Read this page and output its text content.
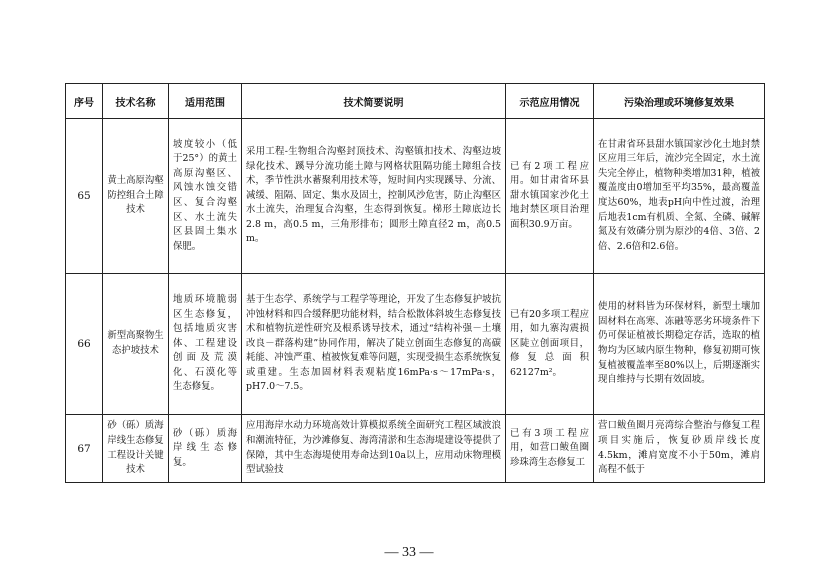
序号	技术名称	适用范围	技术简要说明	示范应用情况	污染治理或环境修复效果
65	黄土高原沟壑防控组合土障技术	坡度较小（低于25°）的黄土高原沟壑区、风蚀水蚀交错区、复合沟壑区、水土流失区县固土集水保肥。	采用工程-生物组合沟壑封顶技术、沟壑镇扣技术、沟壑边坡绿化技术、蹊导分流功能土障与网格状阻隔功能土障组合技术，季节性洪水蓄聚利用技术等，短时间内实现蹊导、分流、减缓、阻隔、固定、集水及固土，控制风沙危害，防止沟壑区水土流失，治理复合沟壑，生态得到恢复。梯形土障底边长2.8 m，高0.5 m，三角形排布；圆形土障直径2 m，高0.5 m。	已有2项工程应用。如甘肃省环县甜水镇国家沙化土地封禁区项目治理面积30.9万亩。	在甘肃省环县甜水镇国家沙化土地封禁区应用三年后，流沙完全固定，水土流失完全停止，植物种类增加31种，植被覆盖度由0增加至平均35%，最高覆盖度达60%，地表pH向中性过渡，治理后地表1cm有机质、全氮、全磷、碱解氮及有效磷分别为原沙的4倍、3倍、2倍、2.6倍和2.6倍。
66	新型高聚物生态护坡技术	地质环境脆弱区生态修复，包括地质灾害体、工程建设创面及荒漠化、石漠化等生态修复。	基于生态学、系统学与工程学等理论，开发了生态修复护坡抗冲蚀材料和四合缓释肥功能材料，结合松散体斜坡生态修复技术和植物抗逆性研究及根系诱导技术，通过“结构补强－土壤改良－群落构建”协同作用，解决了陡立创面生态修复的高碳耗能、冲蚀严重、植被恢复难等问题，实现受损生态系统恢复或重建。生态加固材料表观粘度16mPa·s～17mPa·s，pH7.0～7.5。	已有20多项工程应用，如九寨沟震损区陡立创面项目，修复总面积62127m²。	使用的材料皆为环保材料，新型土壤加固材料在高寒、冻融等恶劣环境条件下仍可保证植被长期稳定存活，选取的植物均为区域内原生物种，修复初期可恢复植被覆盖率至80%以上，后期逐渐实现自维持与长期有效固坡。
67	砂（砾）质海岸线生态修复工程设计关键技术	砂（砾）质海岸线生态修复。	应用海岸水动力环境高效计算模拟系统全面研究工程区域波浪和潮流特征，为沙滩修复、海湾清淤和生态海堤建设等提供了保障，其中生态海堤使用寿命达到10a以上，应用动床物理模型试验技	已有3项工程应用，如营口鲅鱼圈珍珠湾生态修复工	营口鲅鱼圈月亮湾综合整治与修复工程项目实施后，恢复砂质岸线长度4.5km，滩肩宽度不小于50m，滩肩高程不低于
— 33 —
